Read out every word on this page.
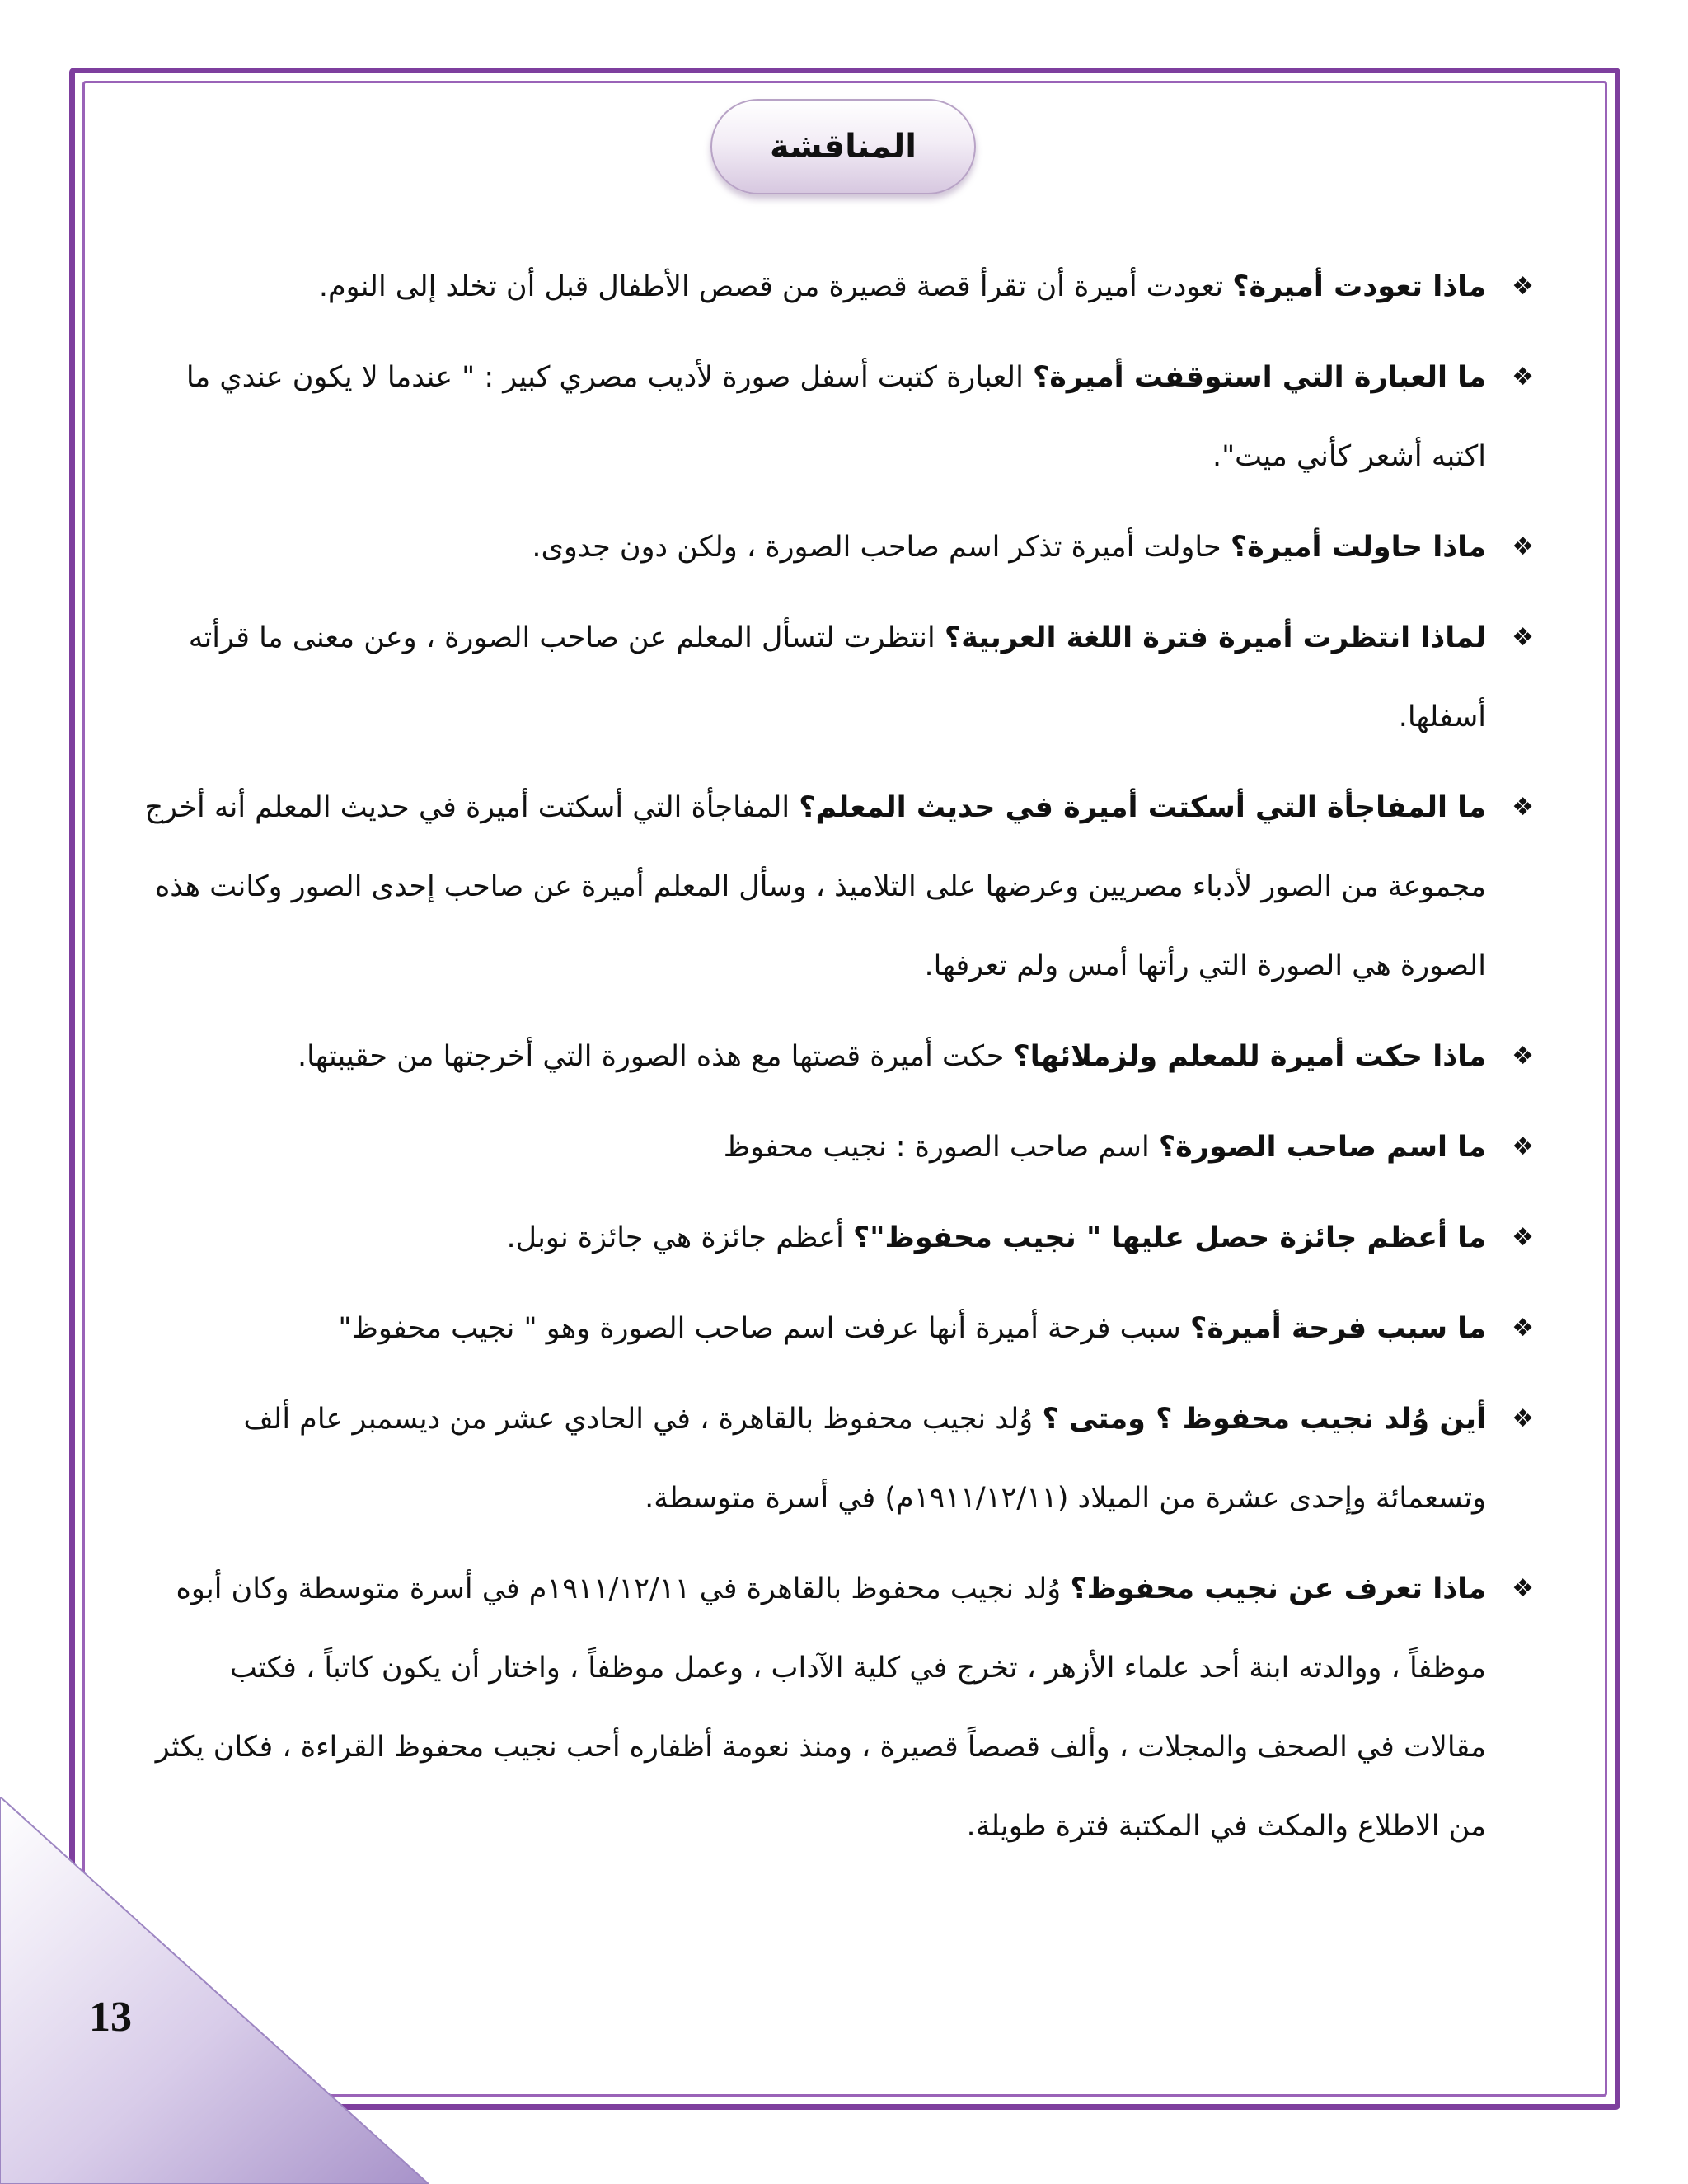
المناقشة
❖
ماذا تعودت أميرة؟ تعودت أميرة أن تقرأ قصة قصيرة من قصص الأطفال قبل أن تخلد إلى النوم.
❖
ما العبارة التي استوقفت أميرة؟ العبارة كتبت أسفل صورة لأديب مصري كبير : " عندما لا يكون عندي ما اكتبه أشعر كأني ميت".
❖
ماذا حاولت أميرة؟ حاولت أميرة تذكر اسم صاحب الصورة ، ولكن دون جدوى.
❖
لماذا انتظرت أميرة فترة اللغة العربية؟ انتظرت لتسأل المعلم عن صاحب الصورة ، وعن معنى ما قرأته أسفلها.
❖
ما المفاجأة التي أسكتت أميرة في حديث المعلم؟ المفاجأة التي أسكتت أميرة في حديث المعلم أنه أخرج مجموعة من الصور لأدباء مصريين وعرضها على التلاميذ ، وسأل المعلم أميرة عن صاحب إحدى الصور وكانت هذه الصورة هي الصورة التي رأتها أمس ولم تعرفها.
❖
ماذا حكت أميرة للمعلم ولزملائها؟ حكت أميرة قصتها مع هذه الصورة التي أخرجتها من حقيبتها.
❖
ما اسم صاحب الصورة؟ اسم صاحب الصورة : نجيب محفوظ
❖
ما أعظم جائزة حصل عليها " نجيب محفوظ"؟ أعظم جائزة هي جائزة نوبل.
❖
ما سبب فرحة أميرة؟ سبب فرحة أميرة أنها عرفت اسم صاحب الصورة وهو " نجيب محفوظ"
❖
أين وُلد نجيب محفوظ ؟ ومتى ؟ وُلد نجيب محفوظ بالقاهرة ، في الحادي عشر من ديسمبر عام ألف وتسعمائة وإحدى عشرة من الميلاد (١٩١١/١٢/١١م) في أسرة متوسطة.
❖
ماذا تعرف عن نجيب محفوظ؟ وُلد نجيب محفوظ بالقاهرة في ١٩١١/١٢/١١م في أسرة متوسطة وكان أبوه موظفاً ، ووالدته ابنة أحد علماء الأزهر ، تخرج في كلية الآداب ، وعمل موظفاً ، واختار أن يكون كاتباً ، فكتب مقالات في الصحف والمجلات ، وألف قصصاً قصيرة ، ومنذ نعومة أظفاره أحب نجيب محفوظ القراءة ، فكان يكثر من الاطلاع والمكث في المكتبة فترة طويلة.
13
